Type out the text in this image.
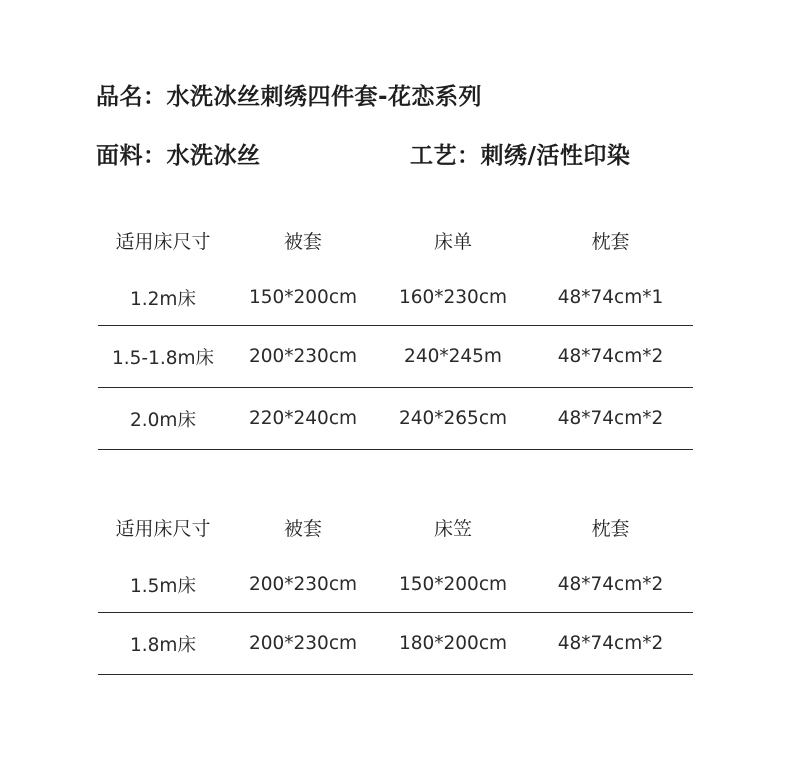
品名：水洗冰丝刺绣四件套-花恋系列
面料：水洗冰丝	工艺：刺绣/活性印染
适用床尺寸	被套	床单	枕套
1.2m床	150*200cm	160*230cm	48*74cm*1
1.5-1.8m床	200*230cm	240*245m	48*74cm*2
2.0m床	220*240cm	240*265cm	48*74cm*2
适用床尺寸	被套	床笠	枕套
1.5m床	200*230cm	150*200cm	48*74cm*2
1.8m床	200*230cm	180*200cm	48*74cm*2
